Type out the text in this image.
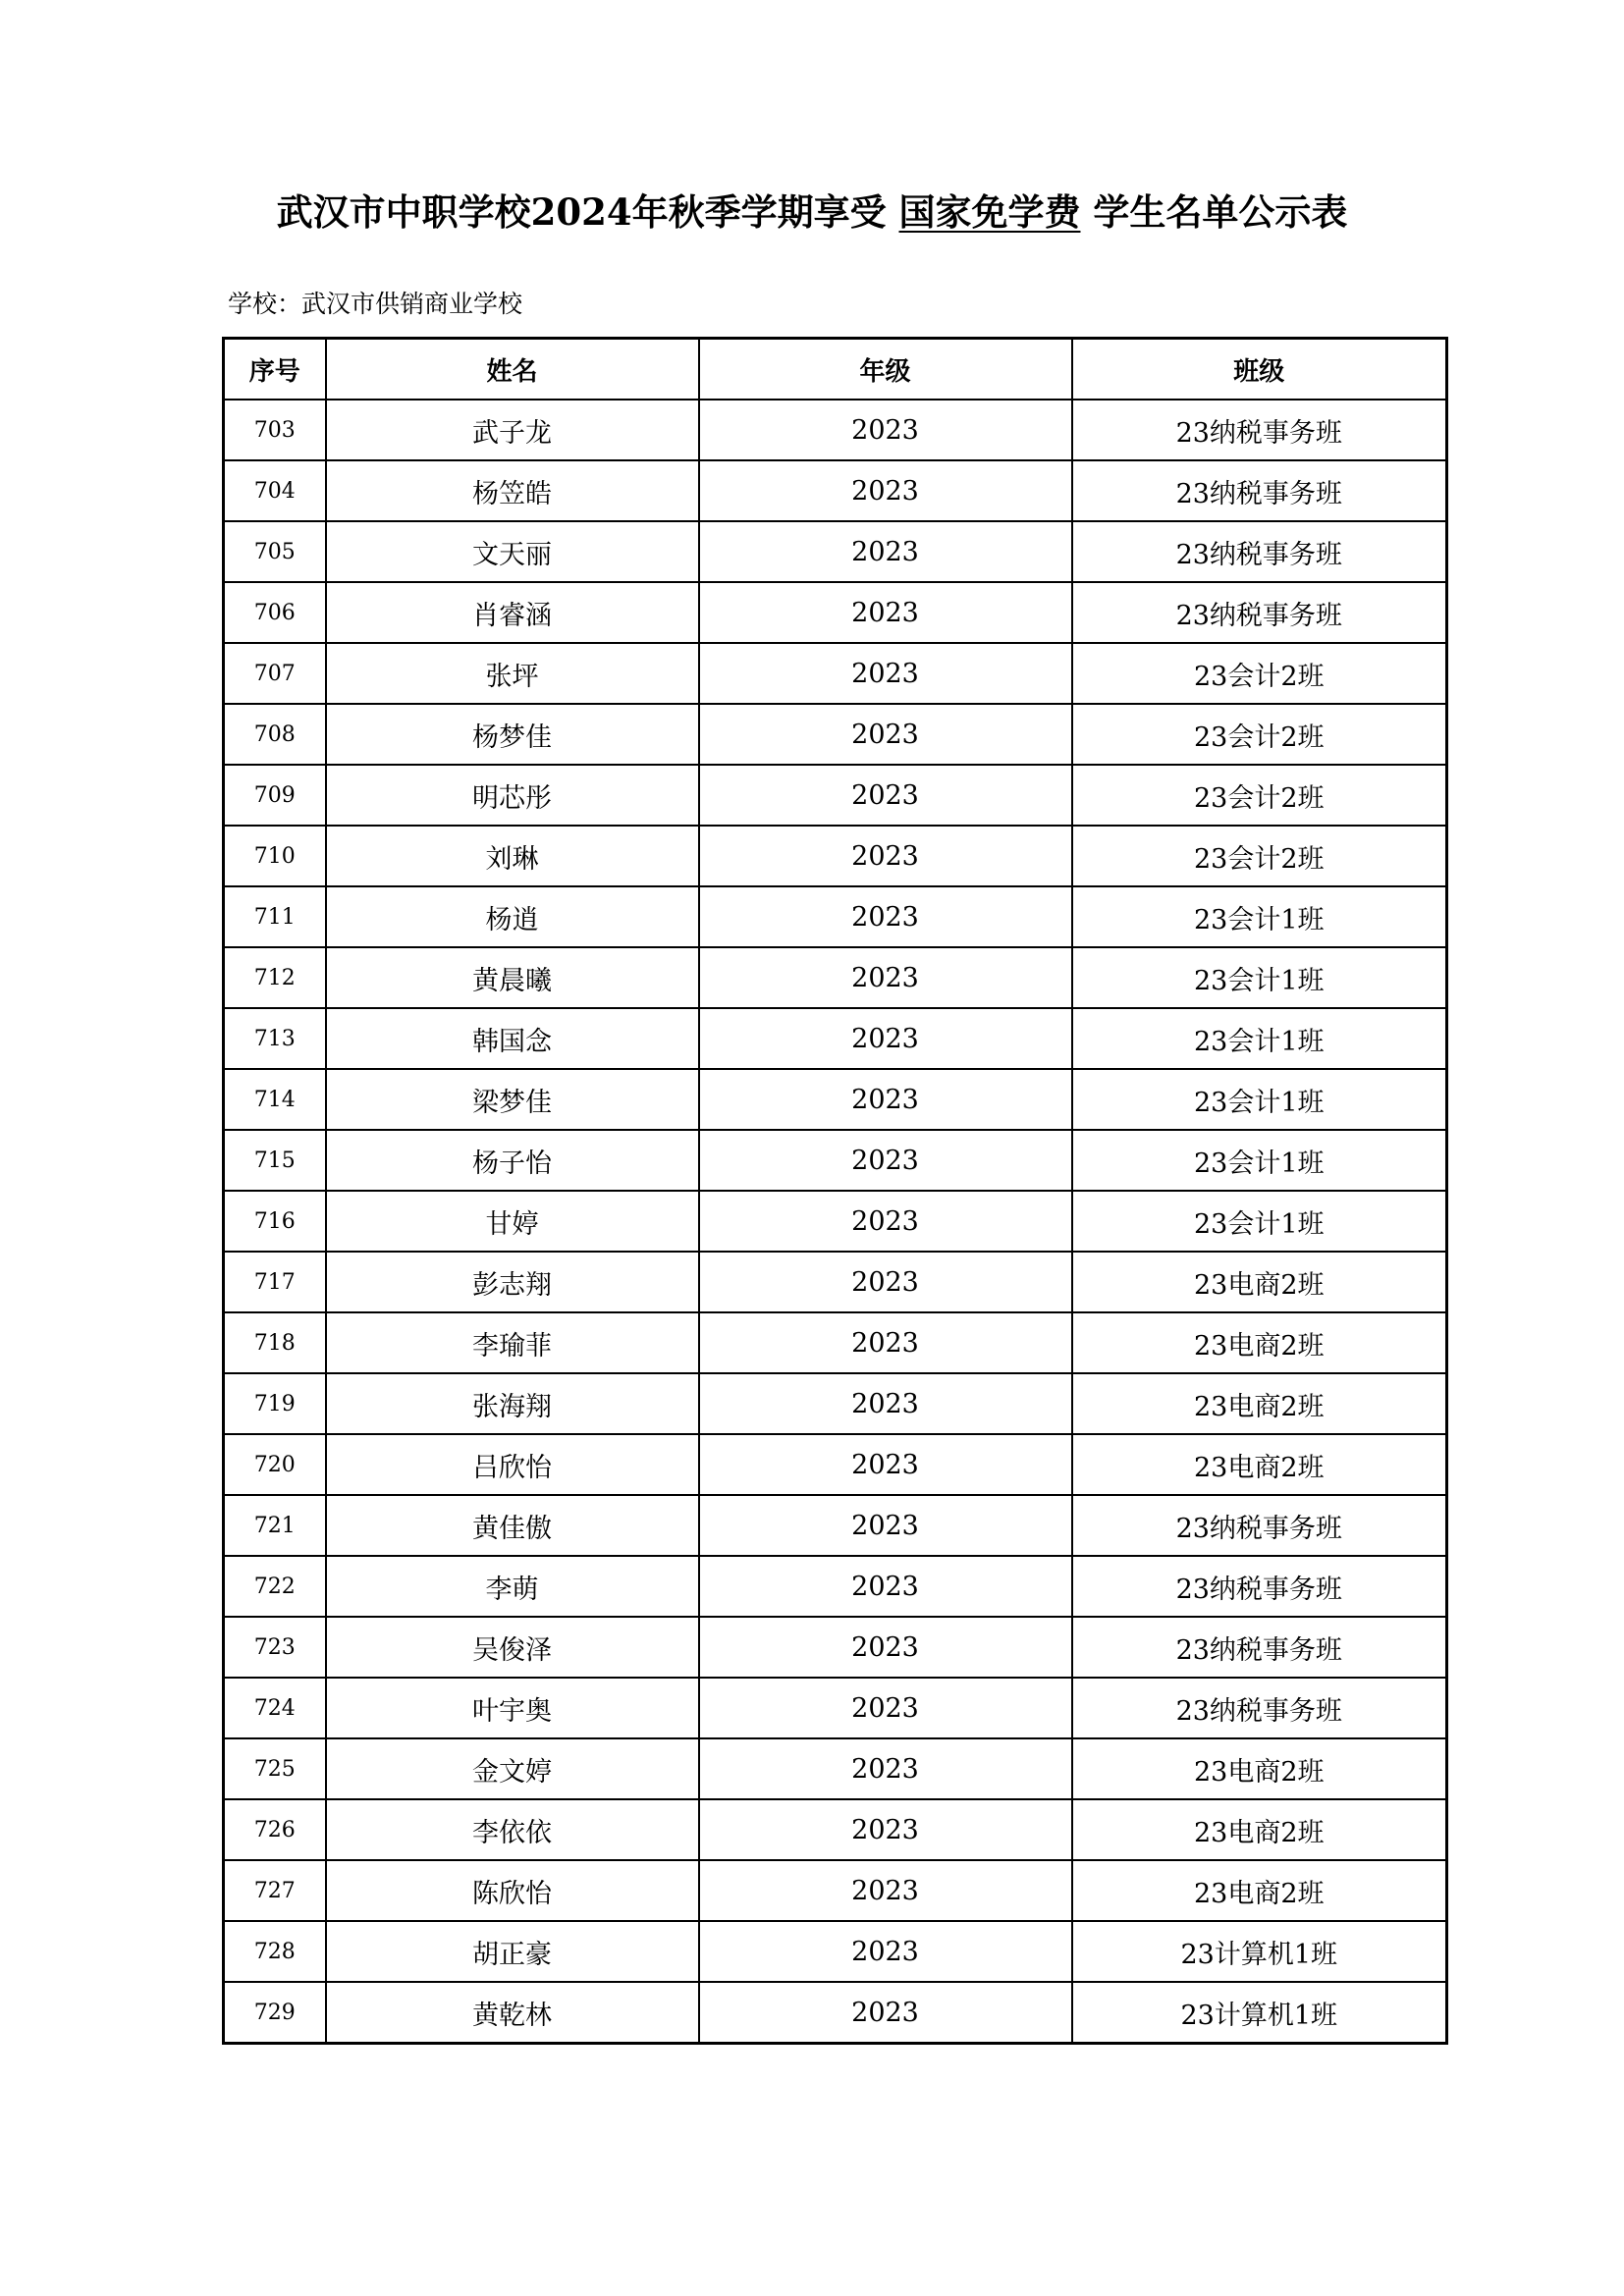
武汉市中职学校2024年秋季学期享受 国家免学费 学生名单公示表
学校：武汉市供销商业学校
序号	姓名	年级	班级
703	武子龙	2023	23纳税事务班
704	杨笠皓	2023	23纳税事务班
705	文天丽	2023	23纳税事务班
706	肖睿涵	2023	23纳税事务班
707	张坪	2023	23会计2班
708	杨梦佳	2023	23会计2班
709	明芯彤	2023	23会计2班
710	刘琳	2023	23会计2班
711	杨逍	2023	23会计1班
712	黄晨曦	2023	23会计1班
713	韩国念	2023	23会计1班
714	梁梦佳	2023	23会计1班
715	杨子怡	2023	23会计1班
716	甘婷	2023	23会计1班
717	彭志翔	2023	23电商2班
718	李瑜菲	2023	23电商2班
719	张海翔	2023	23电商2班
720	吕欣怡	2023	23电商2班
721	黄佳傲	2023	23纳税事务班
722	李萌	2023	23纳税事务班
723	吴俊泽	2023	23纳税事务班
724	叶宇奥	2023	23纳税事务班
725	金文婷	2023	23电商2班
726	李依依	2023	23电商2班
727	陈欣怡	2023	23电商2班
728	胡正豪	2023	23计算机1班
729	黄乾林	2023	23计算机1班
